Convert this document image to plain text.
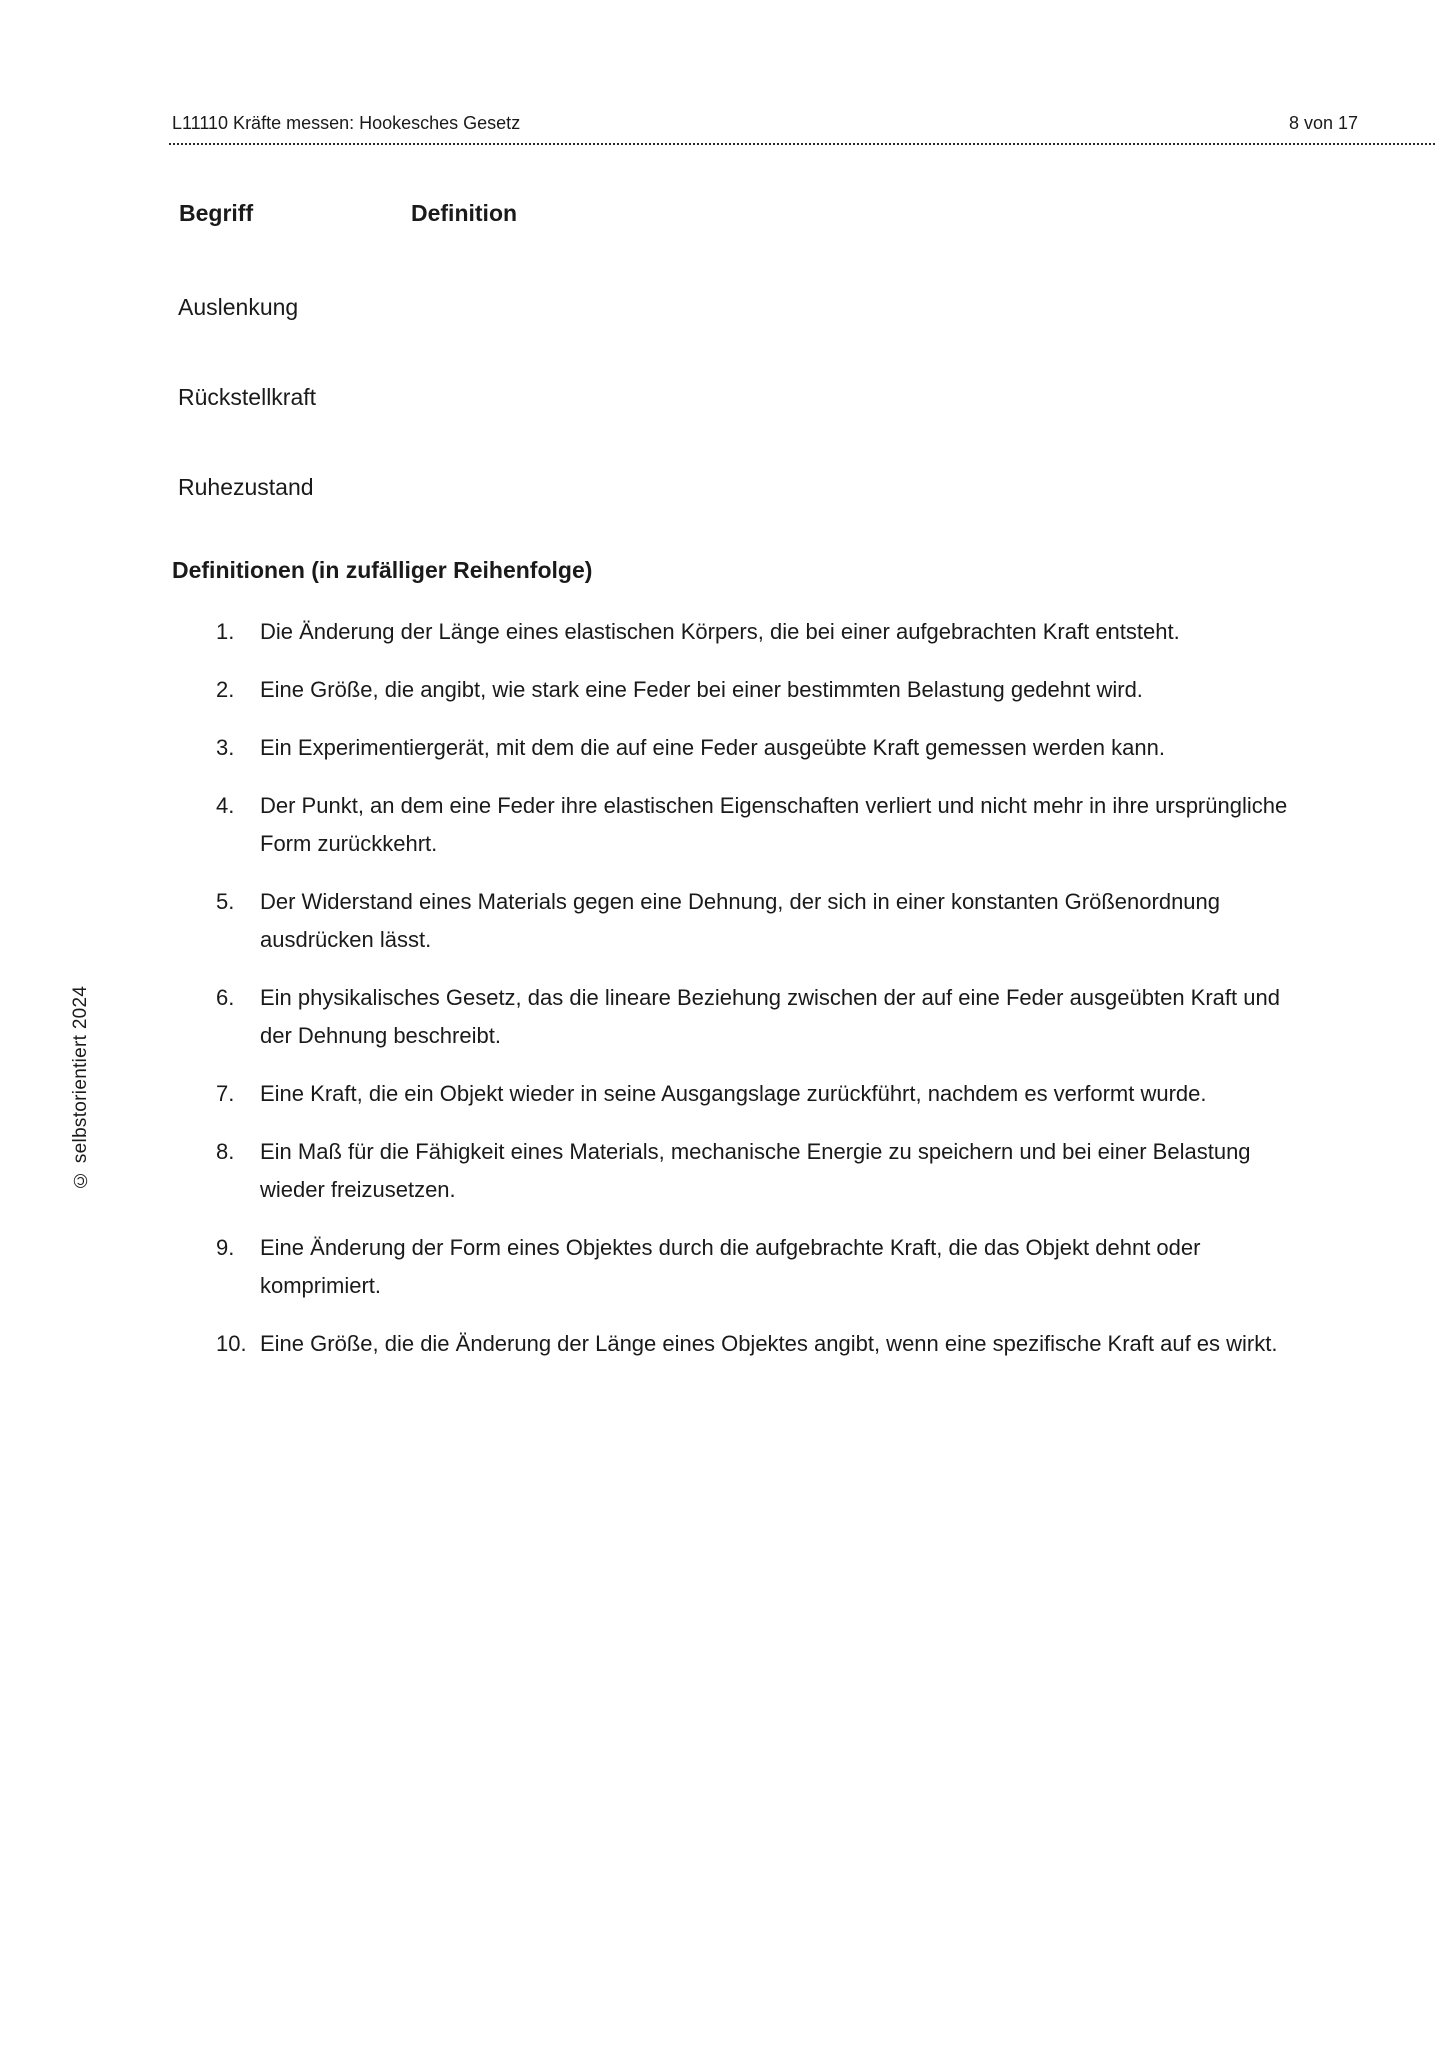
L11110 Kräfte messen: Hookesches Gesetz	8 von 17
Begriff	Definition
Auslenkung
Rückstellkraft
Ruhezustand
Definitionen (in zufälliger Reihenfolge)
1. Die Änderung der Länge eines elastischen Körpers, die bei einer aufgebrachten Kraft entsteht.
2. Eine Größe, die angibt, wie stark eine Feder bei einer bestimmten Belastung gedehnt wird.
3. Ein Experimentiergerät, mit dem die auf eine Feder ausgeübte Kraft gemessen werden kann.
4. Der Punkt, an dem eine Feder ihre elastischen Eigenschaften verliert und nicht mehr in ihre ursprüngliche Form zurückkehrt.
5. Der Widerstand eines Materials gegen eine Dehnung, der sich in einer konstanten Größenordnung ausdrücken lässt.
6. Ein physikalisches Gesetz, das die lineare Beziehung zwischen der auf eine Feder ausgeübten Kraft und der Dehnung beschreibt.
7. Eine Kraft, die ein Objekt wieder in seine Ausgangslage zurückführt, nachdem es verformt wurde.
8. Ein Maß für die Fähigkeit eines Materials, mechanische Energie zu speichern und bei einer Belastung wieder freizusetzen.
9. Eine Änderung der Form eines Objektes durch die aufgebrachte Kraft, die das Objekt dehnt oder komprimiert.
10. Eine Größe, die die Änderung der Länge eines Objektes angibt, wenn eine spezifische Kraft auf es wirkt.
© selbstorientiert 2024
